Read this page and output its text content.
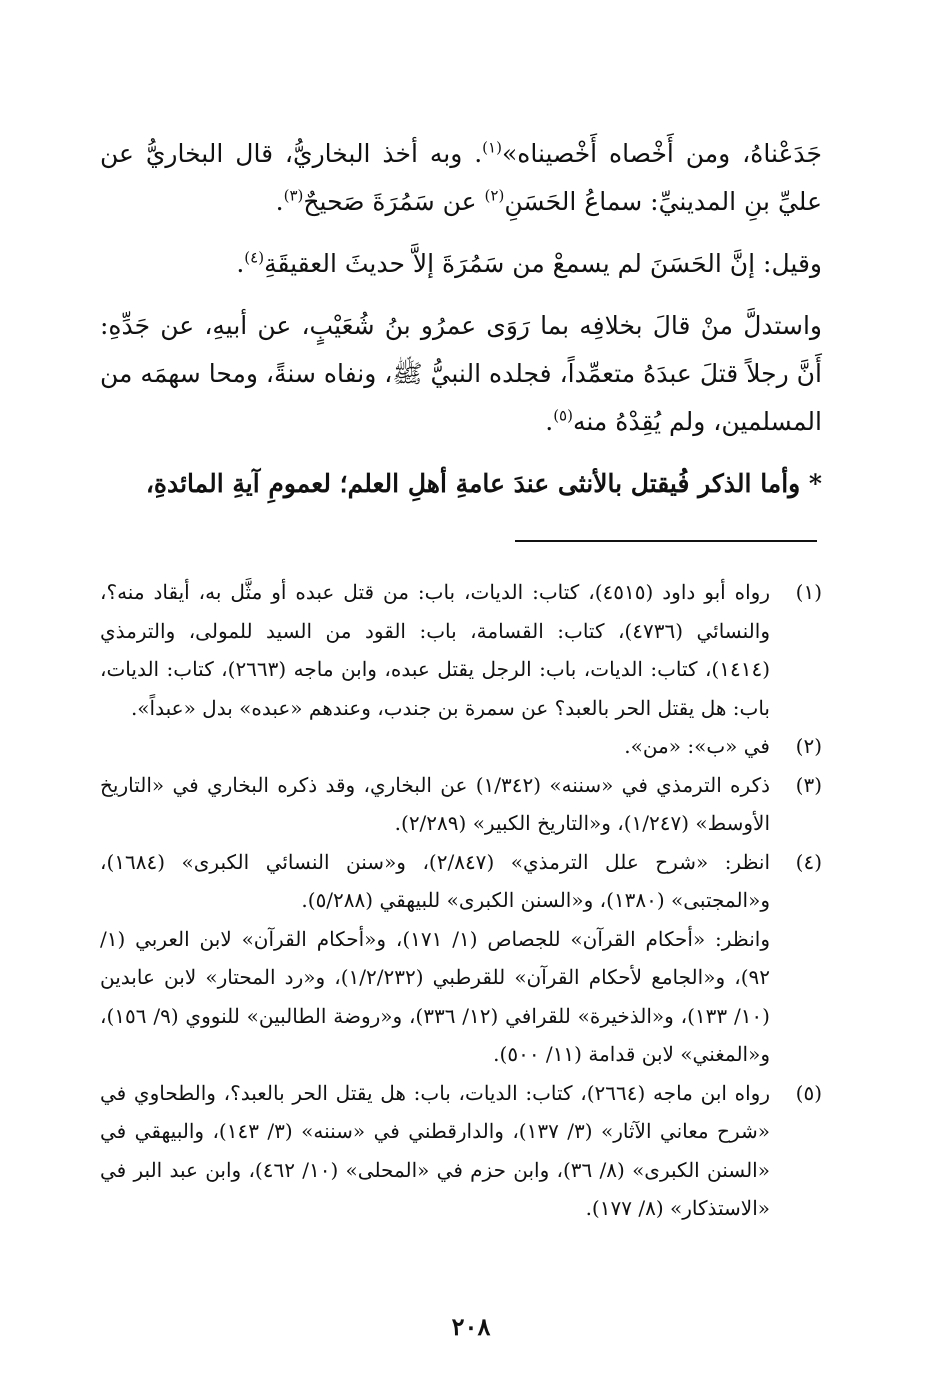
جَدَعْناهُ، ومن أَخْصاه أَخْصيناه»$^{(١)}$. وبه أخذ البخاريُّ، قال البخاريُّ عن عليِّ بنِ المدينيِّ: سماعُ الحَسَنِ$^{(٢)}$ عن سَمُرَةَ صَحيحٌ$^{(٣)}$.

وقيل: إنَّ الحَسَنَ لم يسمعْ من سَمُرَةَ إلاَّ حديثَ العقيقَةِ$^{(٤)}$.

واستدلَّ منْ قالَ بخلافِه بما رَوَى عمرُو بنُ شُعَيْبٍ، عن أبيهِ، عن جَدِّهِ: أَنَّ رجلاً قتلَ عبدَهُ متعمِّداً، فجلده النبيُّ ﷺ، ونفاه سنةً، ومحا سهمَه من المسلمين، ولم يُقِدْهُ منه$^{(٥)}$.

* وأما الذكر فُيقتل بالأنثى عندَ عامةِ أهلِ العلم؛ لعمومِ آيةِ المائدةِ،

(١)
رواه أبو داود (٤٥١٥)، كتاب: الديات، باب: من قتل عبده أو مثَّل به، أيقاد منه؟، والنسائي (٤٧٣٦)، كتاب: القسامة، باب: القود من السيد للمولى، والترمذي (١٤١٤)، كتاب: الديات، باب: الرجل يقتل عبده، وابن ماجه (٢٦٦٣)، كتاب: الديات، باب: هل يقتل الحر بالعبد؟ عن سمرة بن جندب، وعندهم «عبده» بدل «عبداً».
(٢)
في «ب»: «من».
(٣)
ذكره الترمذي في «سننه» (١/٣٤٢) عن البخاري، وقد ذكره البخاري في «التاريخ الأوسط» (١/٢٤٧)، و«التاريخ الكبير» (٢/٢٨٩).
(٤)
انظر: «شرح علل الترمذي» (٢/٨٤٧)، و«سنن النسائي الكبرى» (١٦٨٤)، و«المجتبى» (١٣٨٠)، و«السنن الكبرى» للبيهقي (٥/٢٨٨).
وانظر: «أحكام القرآن» للجصاص (١/ ١٧١)، و«أحكام القرآن» لابن العربي (١/ ٩٢)، و«الجامع لأحكام القرآن» للقرطبي (١/٢/٢٣٢)، و«رد المحتار» لابن عابدين (١٠/ ١٣٣)، و«الذخيرة» للقرافي (١٢/ ٣٣٦)، و«روضة الطالبين» للنووي (٩/ ١٥٦)، و«المغني» لابن قدامة (١١/ ٥٠٠).
(٥)
رواه ابن ماجه (٢٦٦٤)، كتاب: الديات، باب: هل يقتل الحر بالعبد؟، والطحاوي في «شرح معاني الآثار» (٣/ ١٣٧)، والدارقطني في «سننه» (٣/ ١٤٣)، والبيهقي في «السنن الكبرى» (٨/ ٣٦)، وابن حزم في «المحلى» (١٠/ ٤٦٢)، وابن عبد البر في «الاستذكار» (٨/ ١٧٧).
٢٠٨
